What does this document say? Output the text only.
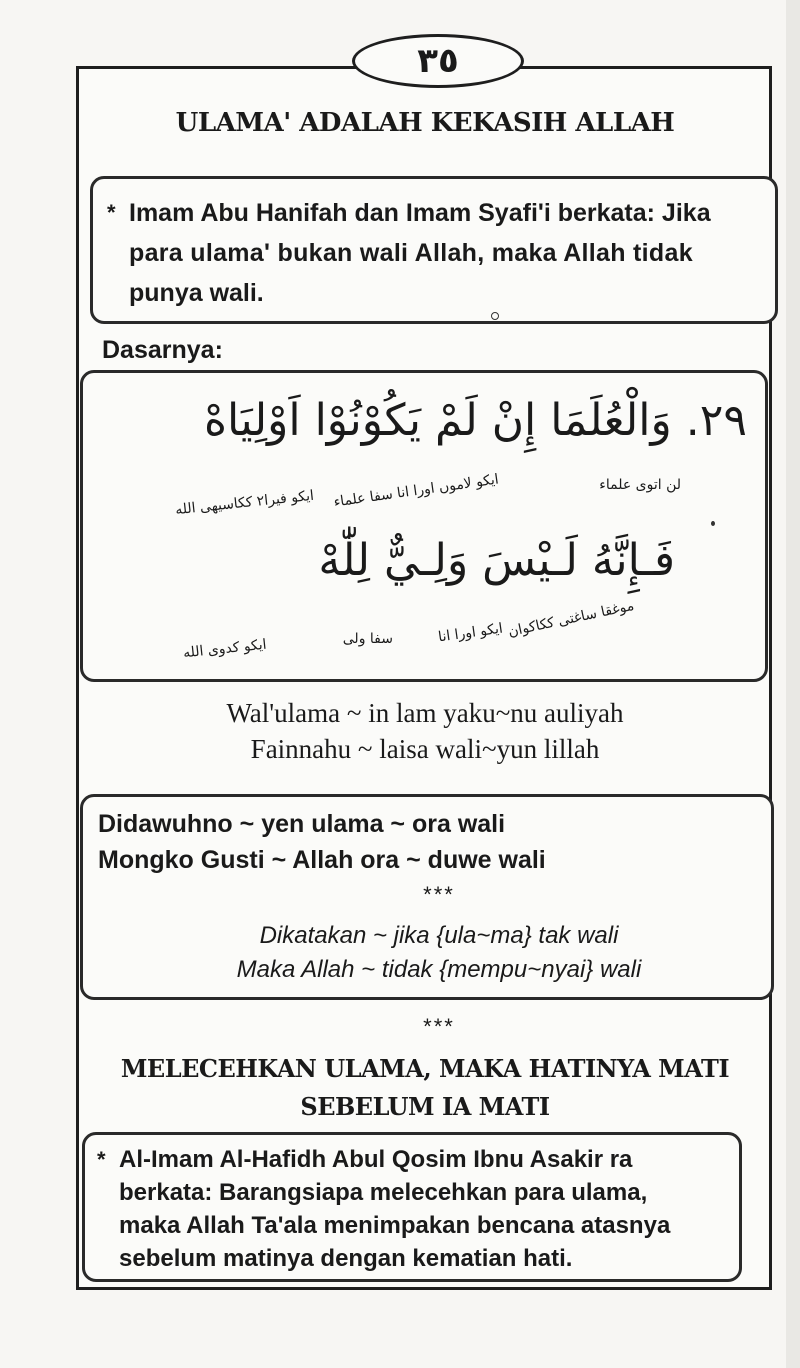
٣٥
ULAMA' ADALAH KEKASIH ALLAH
* Imam Abu Hanifah dan Imam Syafi'i berkata: Jika
para ulama' bukan wali Allah, maka Allah tidak
punya wali.
Dasarnya:
٢٩. وَالْعُلَمَا إِنْ لَمْ يَكُوْنُوْا اَوْلِيَاهْ
لن اتوى علماء
ايكو لاموں اورا انا سفا علماء
ايكو فيرا٢ ككاسيهى الله
فَـإِنَّهُ لَـيْسَ وَلِـيٌّ لِلّٰهْ
موغقا ساغتى ككاكوان
ايكو اورا انا
سفا ولى
ايكو كدوى الله
Wal'ulama ~ in lam yaku~nu auliyah
Fainnahu ~ laisa wali~yun lillah
Didawuhno ~ yen ulama ~ ora wali
Mongko Gusti ~ Allah ora ~ duwe wali
***
Dikatakan ~ jika {ula~ma} tak wali
Maka Allah ~ tidak {mempu~nyai} wali
***
MELECEHKAN ULAMA, MAKA HATINYA MATI
SEBELUM IA MATI
* Al-Imam Al-Hafidh Abul Qosim Ibnu Asakir ra
berkata: Barangsiapa melecehkan para ulama,
maka Allah Ta'ala menimpakan bencana atasnya
sebelum matinya dengan kematian hati.
